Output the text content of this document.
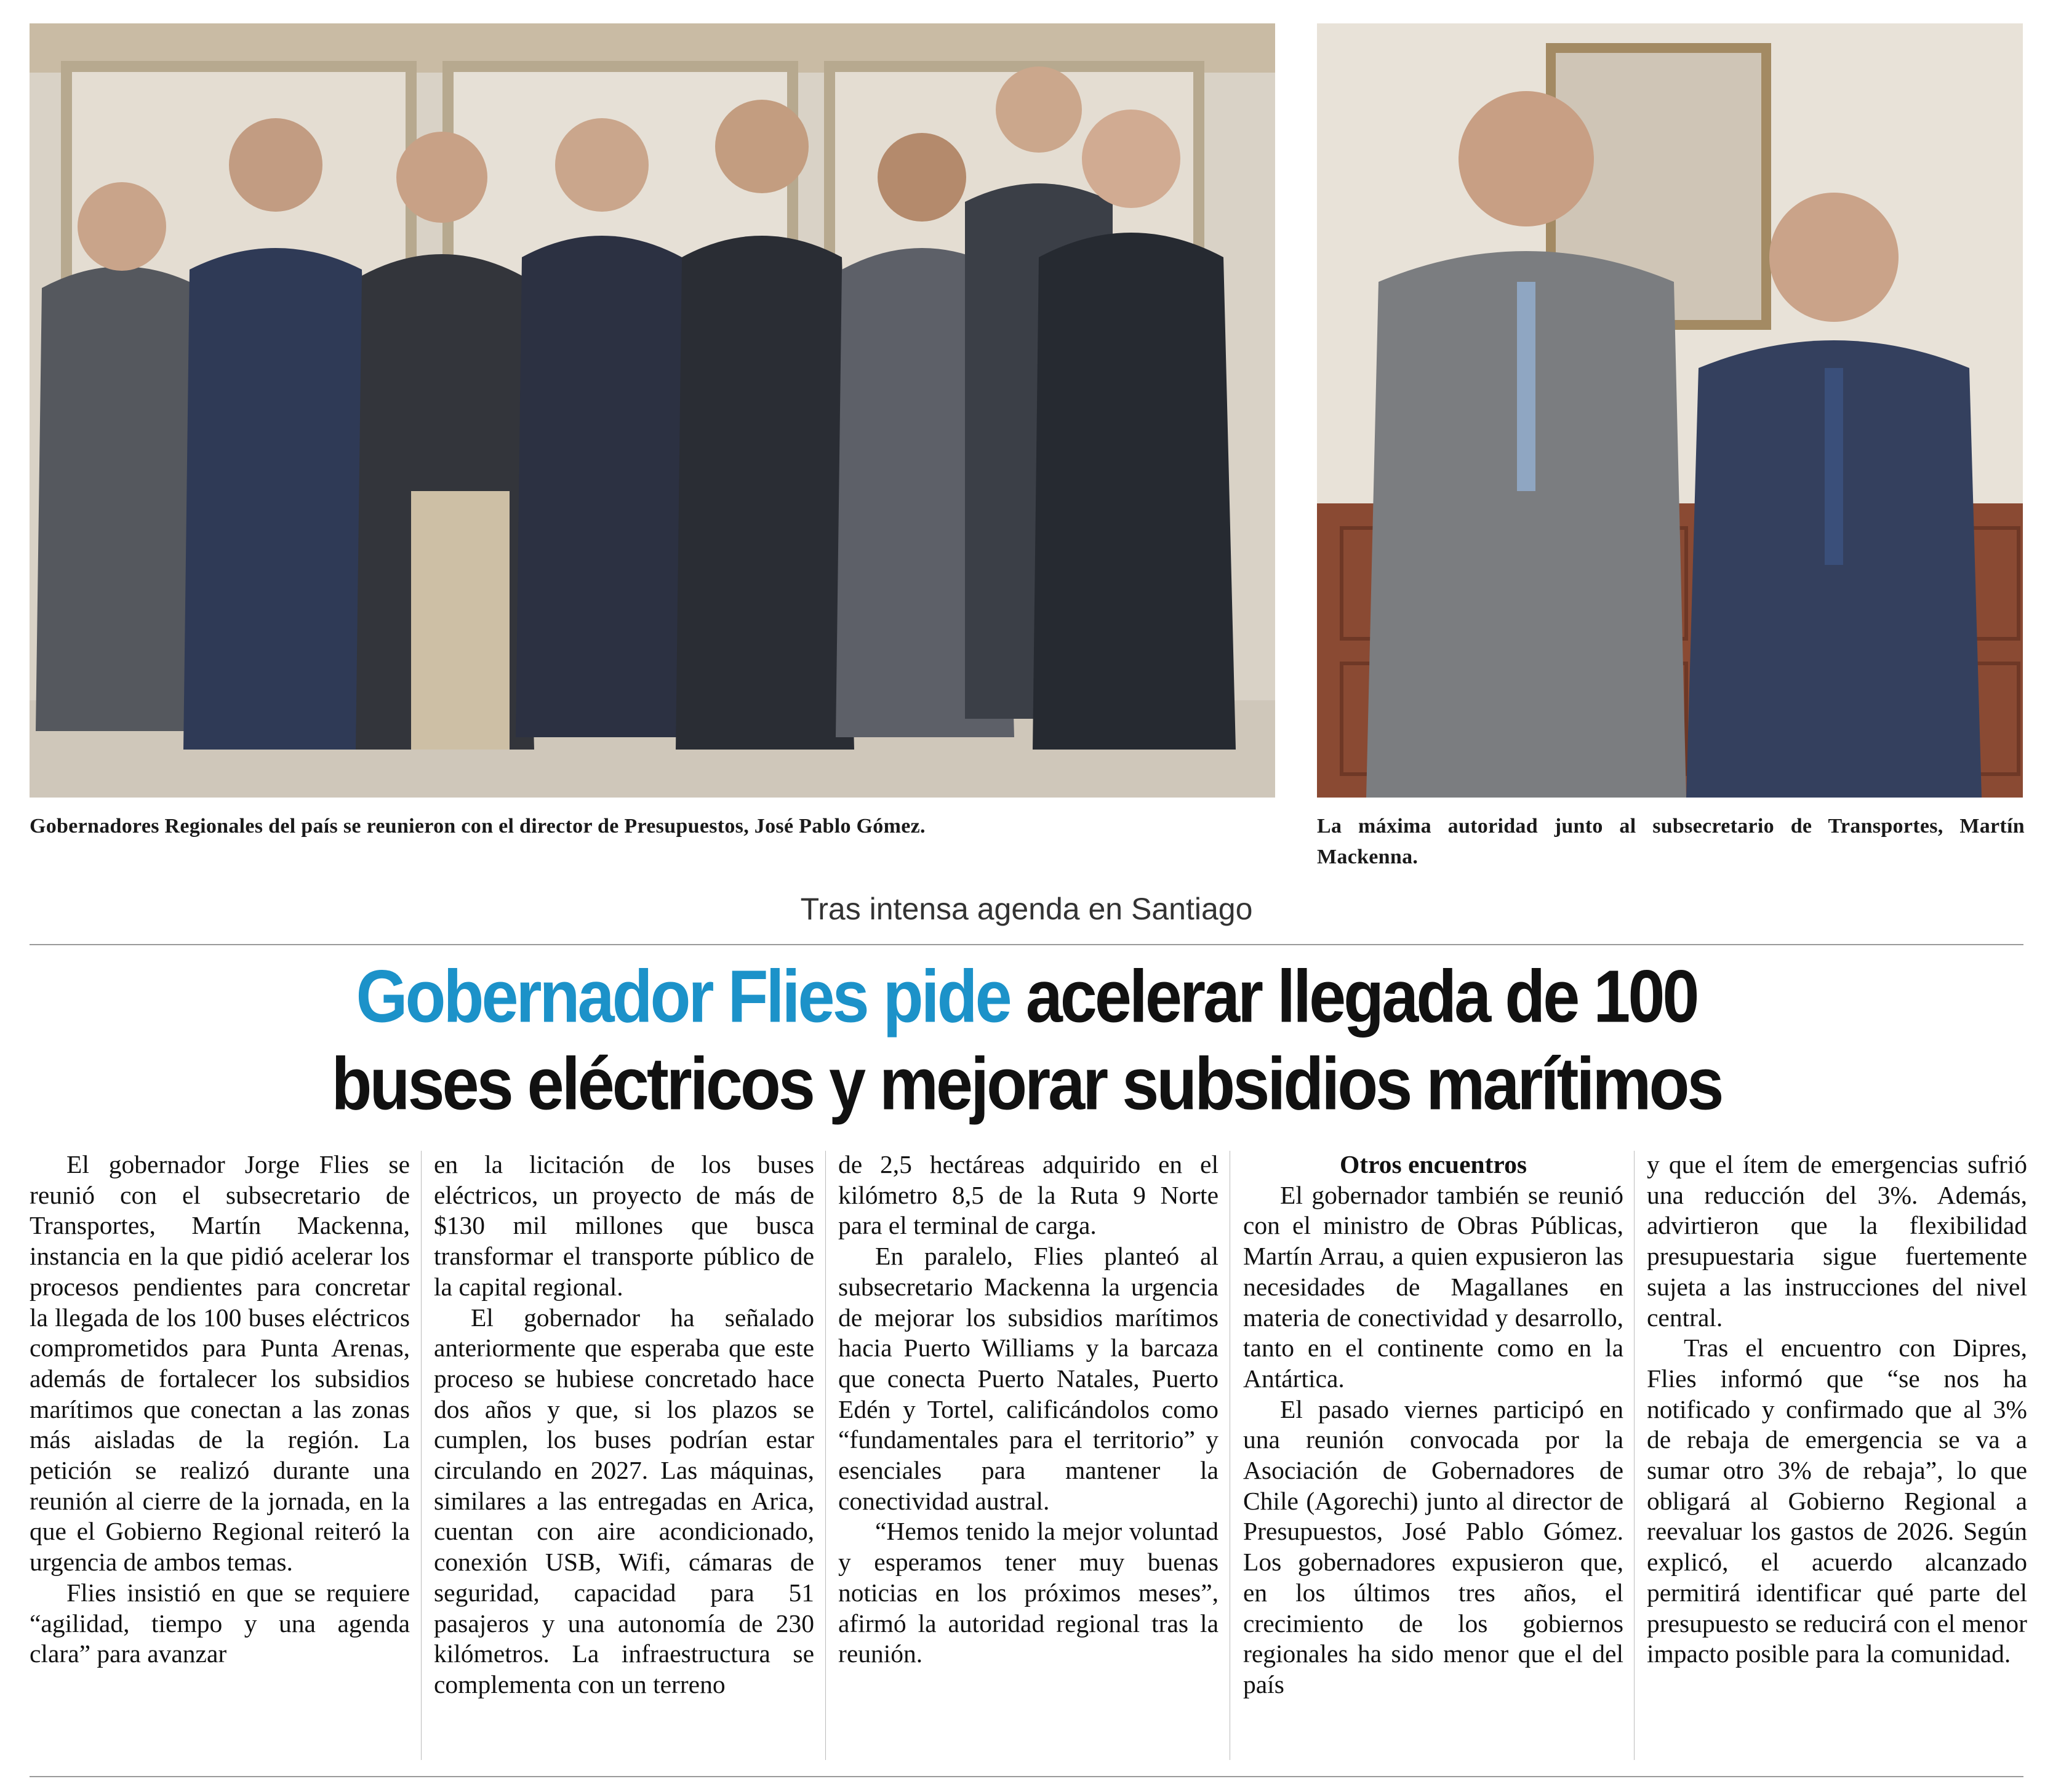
Gobernadores Regionales del país se reunieron con el director de Presupuestos, José Pablo Gómez.	La máxima autoridad junto al subsecretario de Transportes, Martín Mackenna.
Tras intensa agenda en Santiago
Gobernador Flies pide acelerar llegada de 100
buses eléctricos y mejorar subsidios marítimos

El gobernador Jorge Flies se reunió con el subsecretario de Transportes, Martín Mackenna, instancia en la que pidió acelerar los procesos pendientes para concretar la llegada de los 100 buses eléctricos comprometidos para Punta Arenas, además de fortalecer los subsidios marítimos que conectan a las zonas más aisladas de la región. La petición se realizó durante una reunión al cierre de la jornada, en la que el Gobierno Regional reiteró la urgencia de ambos temas.

Flies insistió en que se requiere “agilidad, tiempo y una agenda clara” para avanzar

en la licitación de los buses eléctricos, un proyecto de más de $130 mil millones que busca transformar el transporte público de la capital regional.

El gobernador ha señalado anteriormente que esperaba que este proceso se hubiese concretado hace dos años y que, si los plazos se cumplen, los buses podrían estar circulando en 2027. Las máquinas, similares a las entregadas en Arica, cuentan con aire acondicionado, conexión USB, Wifi, cámaras de seguridad, capacidad para 51 pasajeros y una autonomía de 230 kilómetros. La infraestructura se complementa con un terreno

de 2,5 hectáreas adquirido en el kilómetro 8,5 de la Ruta 9 Norte para el terminal de carga.

En paralelo, Flies planteó al subsecretario Mackenna la urgencia de mejorar los subsidios marítimos hacia Puerto Williams y la barcaza que conecta Puerto Natales, Puerto Edén y Tortel, calificándolos como “fundamentales para el territorio” y esenciales para mantener la conectividad austral.

“Hemos tenido la mejor voluntad y esperamos tener muy buenas noticias en los próximos meses”, afirmó la autoridad regional tras la reunión.

Otros encuentros

El gobernador también se reunió con el ministro de Obras Públicas, Martín Arrau, a quien expusieron las necesidades de Magallanes en materia de conectividad y desarrollo, tanto en el continente como en la Antártica.

El pasado viernes participó en una reunión convocada por la Asociación de Gobernadores de Chile (Agorechi) junto al director de Presupuestos, José Pablo Gómez. Los gobernadores expusieron que, en los últimos tres años, el crecimiento de los gobiernos regionales ha sido menor que el del país

y que el ítem de emergencias sufrió una reducción del 3%. Además, advirtieron que la flexibilidad presupuestaria sigue fuertemente sujeta a las instrucciones del nivel central.

Tras el encuentro con Dipres, Flies informó que “se nos ha notificado y confirmado que al 3% de rebaja de emergencia se va a sumar otro 3% de rebaja”, lo que obligará al Gobierno Regional a reevaluar los gastos de 2026. Según explicó, el acuerdo alcanzado permitirá identificar qué parte del presupuesto se reducirá con el menor impacto posible para la comunidad.
